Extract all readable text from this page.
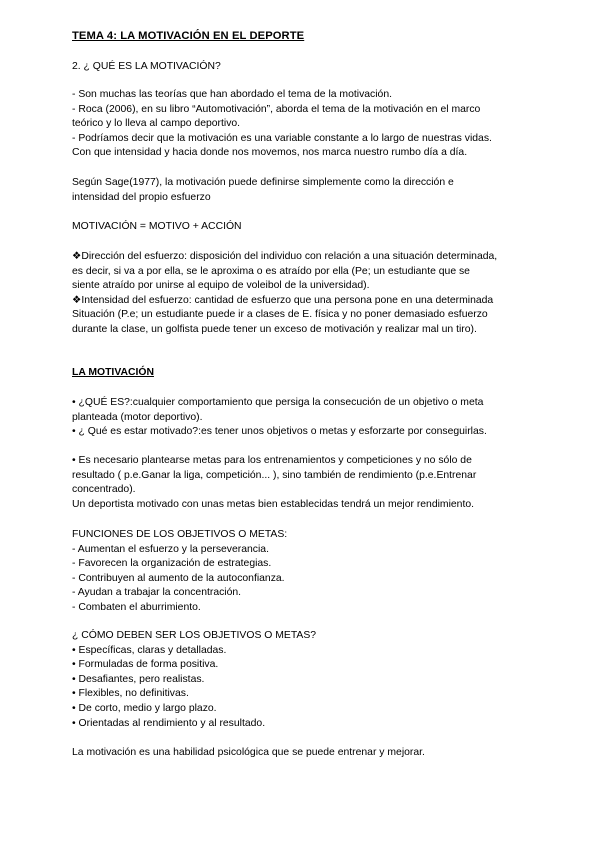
TEMA 4: LA MOTIVACIÓN EN EL DEPORTE
2. ¿ QUÉ ES LA MOTIVACIÓN?
- Son muchas las teorías que han abordado el tema de la motivación.
- Roca (2006), en su libro “Automotivación”, aborda el tema de la motivación en el marco
teórico y lo lleva al campo deportivo.
- Podríamos decir que la motivación es una variable constante a lo largo de nuestras vidas.
Con que intensidad y hacia donde nos movemos, nos marca nuestro rumbo día a día.
Según Sage(1977), la motivación puede definirse simplemente como la dirección e
intensidad del propio esfuerzo
MOTIVACIÓN = MOTIVO + ACCIÓN
❖Dirección del esfuerzo: disposición del individuo con relación a una situación determinada,
es decir, si va a por ella, se le aproxima o es atraído por ella (Pe; un estudiante que se
siente atraído por unirse al equipo de voleibol de la universidad).
❖Intensidad del esfuerzo: cantidad de esfuerzo que una persona pone en una determinada
Situación (P.e; un estudiante puede ir a clases de E. física y no poner demasiado esfuerzo
durante la clase, un golfista puede tener un exceso de motivación y realizar mal un tiro).
LA MOTIVACIÓN
• ¿QUÉ ES?:cualquier comportamiento que persiga la consecución de un objetivo o meta
planteada (motor deportivo).
• ¿ Qué es estar motivado?:es tener unos objetivos o metas y esforzarte por conseguirlas.
• Es necesario plantearse metas para los entrenamientos y competiciones y no sólo de
resultado ( p.e.Ganar la liga, competición... ), sino también de rendimiento (p.e.Entrenar
concentrado).
Un deportista motivado con unas metas bien establecidas tendrá un mejor rendimiento.
FUNCIONES DE LOS OBJETIVOS O METAS:
- Aumentan el esfuerzo y la perseverancia.
- Favorecen la organización de estrategias.
- Contribuyen al aumento de la autoconfianza.
- Ayudan a trabajar la concentración.
- Combaten el aburrimiento.
¿ CÓMO DEBEN SER LOS OBJETIVOS O METAS?
• Específicas, claras y detalladas.
• Formuladas de forma positiva.
• Desafiantes, pero realistas.
• Flexibles, no definitivas.
• De corto, medio y largo plazo.
• Orientadas al rendimiento y al resultado.
La motivación es una habilidad psicológica que se puede entrenar y mejorar.
